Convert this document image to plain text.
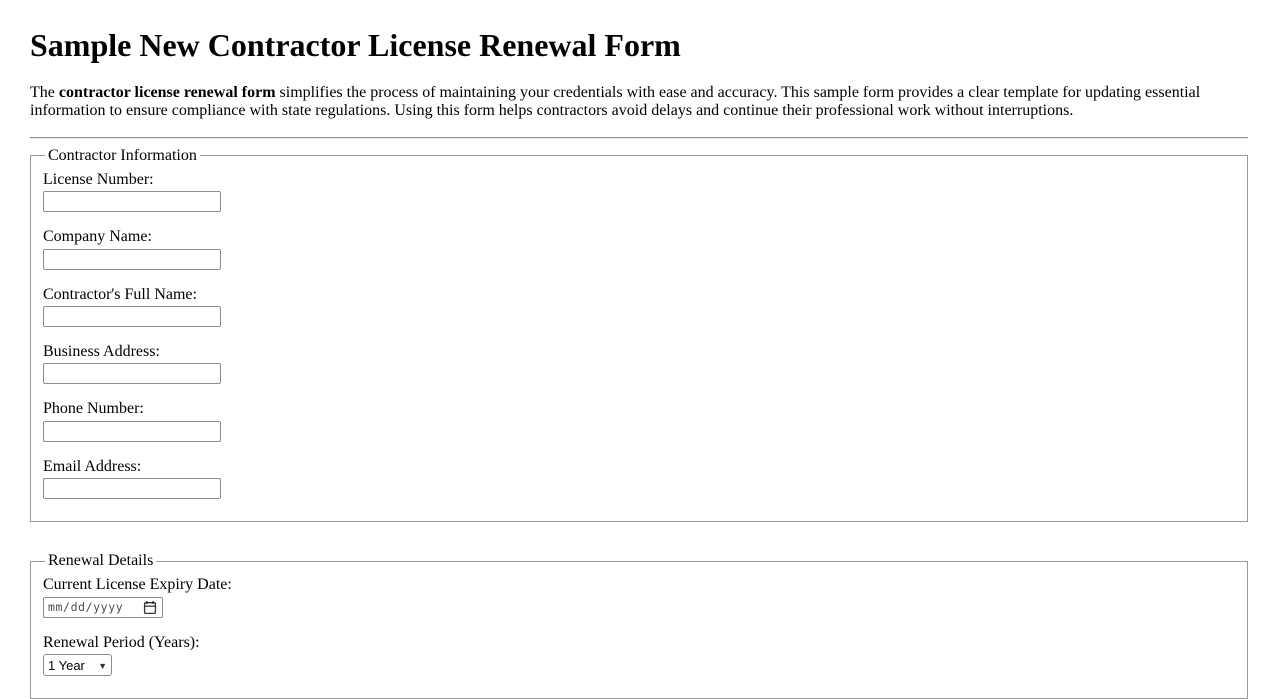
Sample New Contractor License Renewal Form

The contractor license renewal form simplifies the process of maintaining your credentials with ease and accuracy. This sample form provides a clear template for updating essential information to ensure compliance with state regulations. Using this form helps contractors avoid delays and continue their professional work without interruptions.

Contractor Information
License Number:
Company Name:
Contractor's Full Name:
Business Address:
Phone Number:
Email Address:
Renewal Details
Current License Expiry Date:
mm/dd/yyyy
Renewal Period (Years):
1 Year ▼
